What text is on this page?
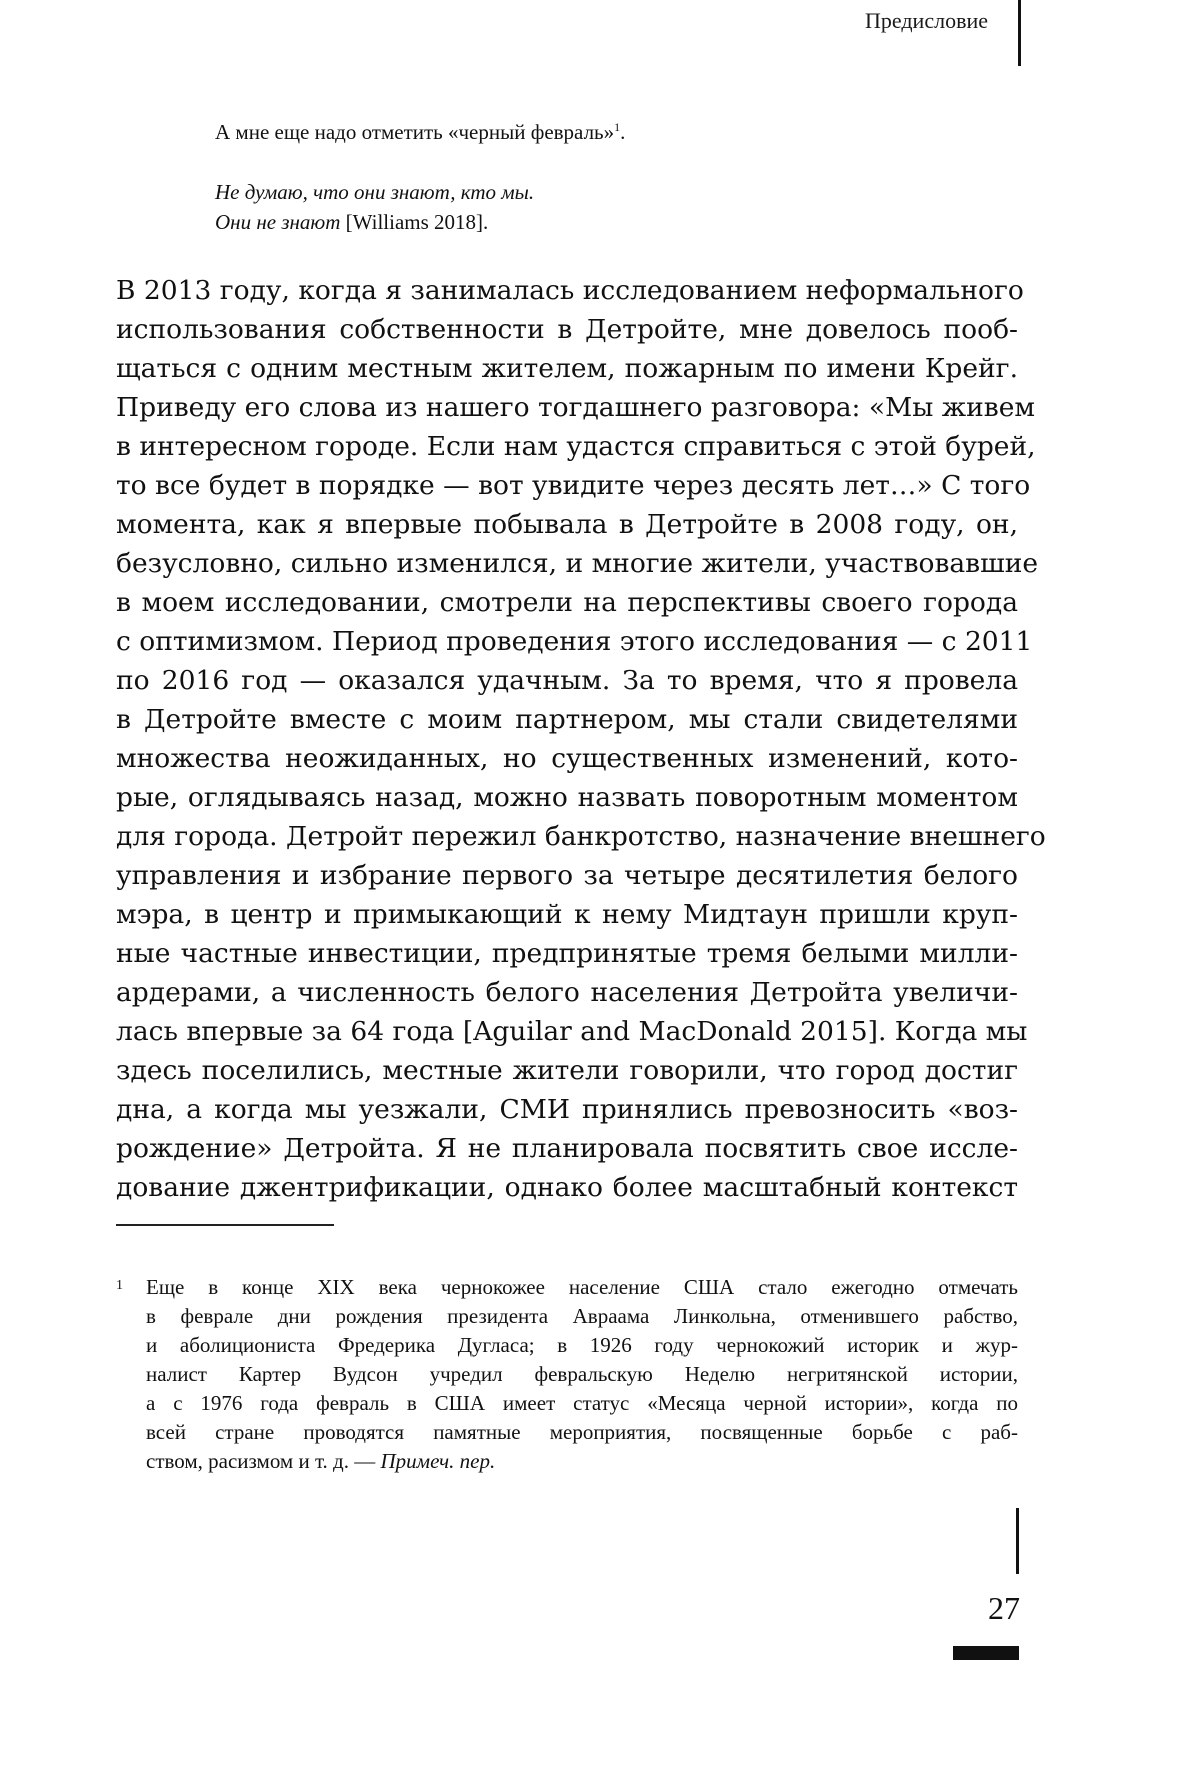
Предисловие

А мне еще надо отметить «черный февраль»$^1$.

Не думаю, что они знают, кто мы.

Они не знают [Williams 2018].

В 2013 году, когда я занималась исследованием неформального
использования собственности в Детройте, мне довелось пооб-
щаться с одним местным жителем, пожарным по имени Крейг.
Приведу его слова из нашего тогдашнего разговора: «Мы живем
в интересном городе. Если нам удастся справиться с этой бурей,
то все будет в порядке — вот увидите через десять лет…» С того
момента, как я впервые побывала в Детройте в 2008 году, он,
безусловно, сильно изменился, и многие жители, участвовавшие
в моем исследовании, смотрели на перспективы своего города
с оптимизмом. Период проведения этого исследования — с 2011
по 2016 год — оказался удачным. За то время, что я провела
в Детройте вместе с моим партнером, мы стали свидетелями
множества неожиданных, но существенных изменений, кото-
рые, оглядываясь назад, можно назвать поворотным моментом
для города. Детройт пережил банкротство, назначение внешнего
управления и избрание первого за четыре десятилетия белого
мэра, в центр и примыкающий к нему Мидтаун пришли круп-
ные частные инвестиции, предпринятые тремя белыми милли-
ардерами, а численность белого населения Детройта увеличи-
лась впервые за 64 года [Aguilar and MacDonald 2015]. Когда мы
здесь поселились, местные жители говорили, что город достиг
дна, а когда мы уезжали, СМИ принялись превозносить «воз-
рождение» Детройта. Я не планировала посвятить свое иссле-
дование джентрификации, однако более масштабный контекст
1 Еще в конце XIX века чернокожее население США стало ежегодно отмечать
в феврале дни рождения президента Авраама Линкольна, отменившего рабство,
и аболициониста Фредерика Дугласа; в 1926 году чернокожий историк и жур-
налист Картер Вудсон учредил февральскую Неделю негритянской истории,
а с 1976 года февраль в США имеет статус «Месяца черной истории», когда по
всей стране проводятся памятные мероприятия, посвященные борьбе с раб-
ством, расизмом и т. д. — Примеч. пер.
27
